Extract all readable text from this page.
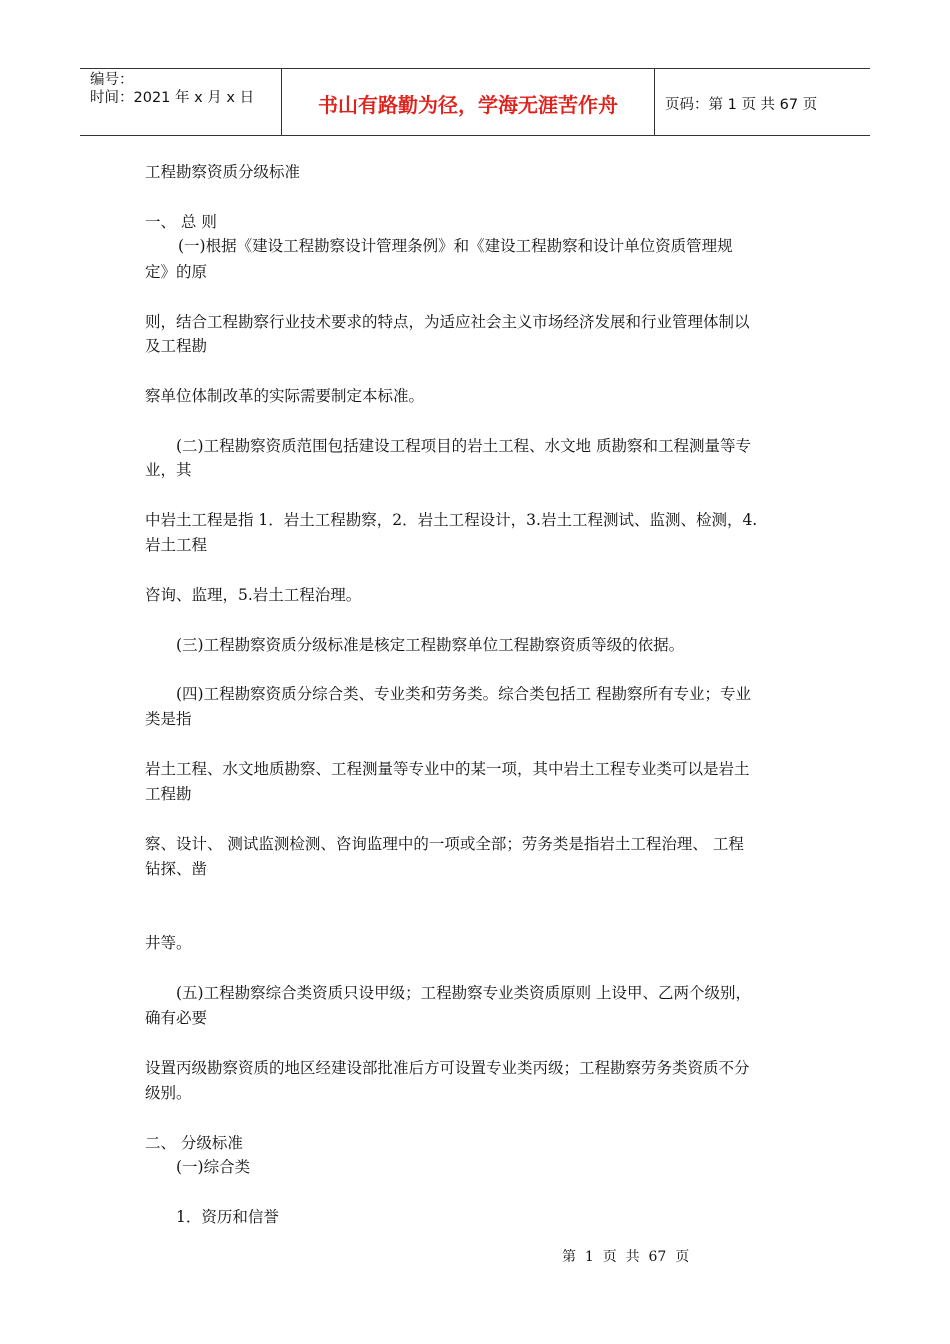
编号：
时间：2021 年 x 月 x 日	书山有路勤为径，学海无涯苦作舟	页码：第 1 页 共 67 页
工程勘察资质分级标准
一、 总 则
(一)根据《建设工程勘察设计管理条例》和《建设工程勘察和设计单位资质管理规
定》的原
则，结合工程勘察行业技术要求的特点，为适应社会主义市场经济发展和行业管理体制以
及工程勘
察单位体制改革的实际需要制定本标准。
(二)工程勘察资质范围包括建设工程项目的岩土工程、水文地 质勘察和工程测量等专
业，其
中岩土工程是指 1．岩土工程勘察，2．岩土工程设计，3.岩土工程测试、监测、检测，4.
岩土工程
咨询、监理，5.岩土工程治理。
(三)工程勘察资质分级标准是核定工程勘察单位工程勘察资质等级的依据。
(四)工程勘察资质分综合类、专业类和劳务类。综合类包括工 程勘察所有专业；专业
类是指
岩土工程、水文地质勘察、工程测量等专业中的某一项，其中岩土工程专业类可以是岩土
工程勘
察、设计、 测试监测检测、咨询监理中的一项或全部；劳务类是指岩土工程治理、 工程
钻探、凿
井等。
(五)工程勘察综合类资质只设甲级；工程勘察专业类资质原则 上设甲、乙两个级别，
确有必要
设置丙级勘察资质的地区经建设部批准后方可设置专业类丙级；工程勘察劳务类资质不分
级别。
二、 分级标准
(一)综合类
1．资历和信誉
第  1  页  共  67  页
